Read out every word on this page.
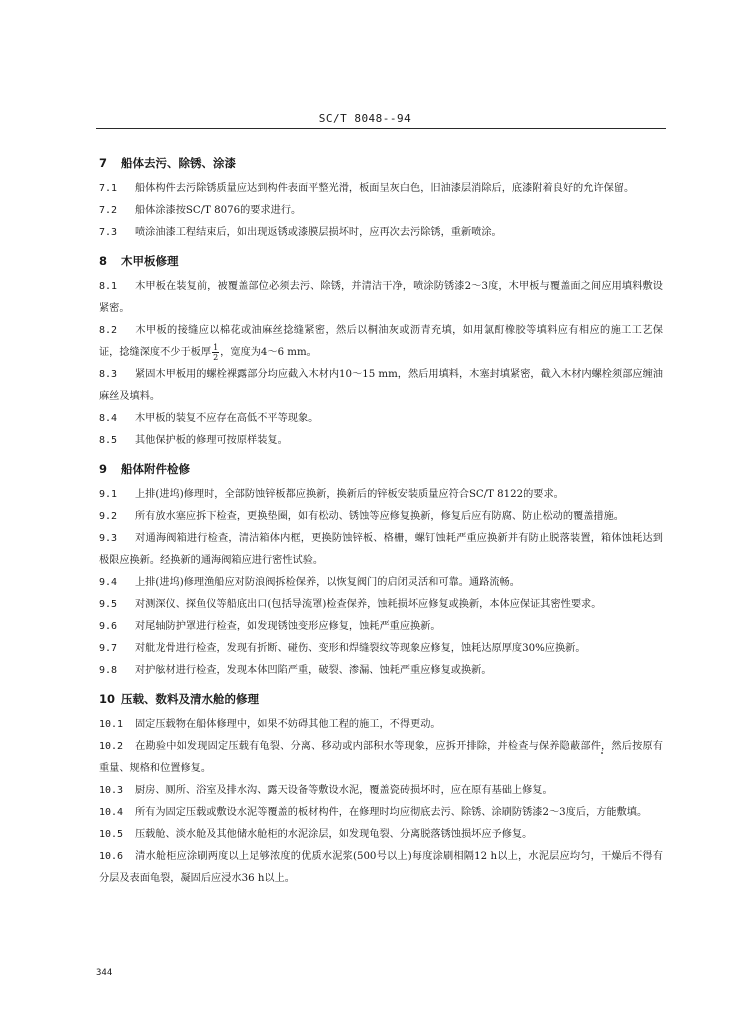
SC/T 8048--94
7 船体去污、除锈、涂漆

7.1 船体构件去污除锈质量应达到构件表面平整光滑，板面呈灰白色，旧油漆层消除后，底漆附着良好的允许保留。

7.2 船体涂漆按SC/T 8076的要求进行。

7.3 喷涂油漆工程结束后，如出现返锈或漆膜层损坏时，应再次去污除锈，重新喷涂。

8 木甲板修理

8.1 木甲板在装复前，被覆盖部位必须去污、除锈，并清洁干净，喷涂防锈漆2～3度，木甲板与覆盖面之间应用填料敷设紧密。

8.2 木甲板的接缝应以棉花或油麻丝捻缝紧密，然后以桐油灰或沥青充填，如用氯酊橡胶等填料应有相应的施工工艺保证，捻缝深度不少于板厚 $\frac{1}{2}$ ，宽度为4～6 mm。

8.3 紧固木甲板用的螺栓裸露部分均应截入木材内10～15 mm，然后用填料，木塞封填紧密，截入木材内螺栓须部应缠油麻丝及填料。

8.4 木甲板的装复不应存在高低不平等现象。

8.5 其他保护板的修理可按原样装复。

9 船体附件检修

9.1 上排(进坞)修理时，全部防蚀锌板都应换新，换新后的锌板安装质量应符合SC/T 8122的要求。

9.2 所有放水塞应拆下检查，更换垫圈，如有松动、锈蚀等应修复换新，修复后应有防腐、防止松动的覆盖措施。

9.3 对通海阀箱进行检查，清洁箱体内框，更换防蚀锌板、格栅，螺钉蚀耗严重应换新并有防止脱落装置，箱体蚀耗达到极限应换新。经换新的通海阀箱应进行密性试验。

9.4 上排(进坞)修理渔船应对防浪阀拆检保养，以恢复阀门的启闭灵活和可靠。通路流畅。

9.5 对测深仪、探鱼仪等船底出口(包括导流罩)检查保养，蚀耗损坏应修复或换新，本体应保证其密性要求。

9.6 对尾轴防护罩进行检查，如发现锈蚀变形应修复，蚀耗严重应换新。

9.7 对舭龙骨进行检查，发现有折断、碰伤、变形和焊缝裂纹等现象应修复，蚀耗达原厚度30%应换新。

9.8 对护舷材进行检查，发现本体凹陷严重，破裂、渗漏、蚀耗严重应修复或换新。

10 压载、数料及清水舱的修理

10.1 固定压载物在船体修理中，如果不妨碍其他工程的施工，不得更动。

10.2 在勘验中如发现固定压载有龟裂、分离、移动或内部积水等现象，应拆开排除，并检查与保养隐蔽部件，然后按原有重量、规格和位置修复。

10.3 厨房、厕所、浴室及排水沟、露天设备等敷设水泥，覆盖瓷砖损坏时，应在原有基础上修复。

10.4 所有为固定压载或敷设水泥等覆盖的板材构件，在修理时均应彻底去污、除锈、涂刷防锈漆2～3度后，方能敷填。

10.5 压载舱、淡水舱及其他储水舱柜的水泥涂层，如发现龟裂、分离脱落锈蚀损坏应予修复。

10.6 清水舱柜应涂刷两度以上足够浓度的优质水泥浆(500号以上)每度涂刷相隔12 h以上，水泥层应均匀，干燥后不得有分层及表面龟裂，凝固后应浸水36 h以上。

344
